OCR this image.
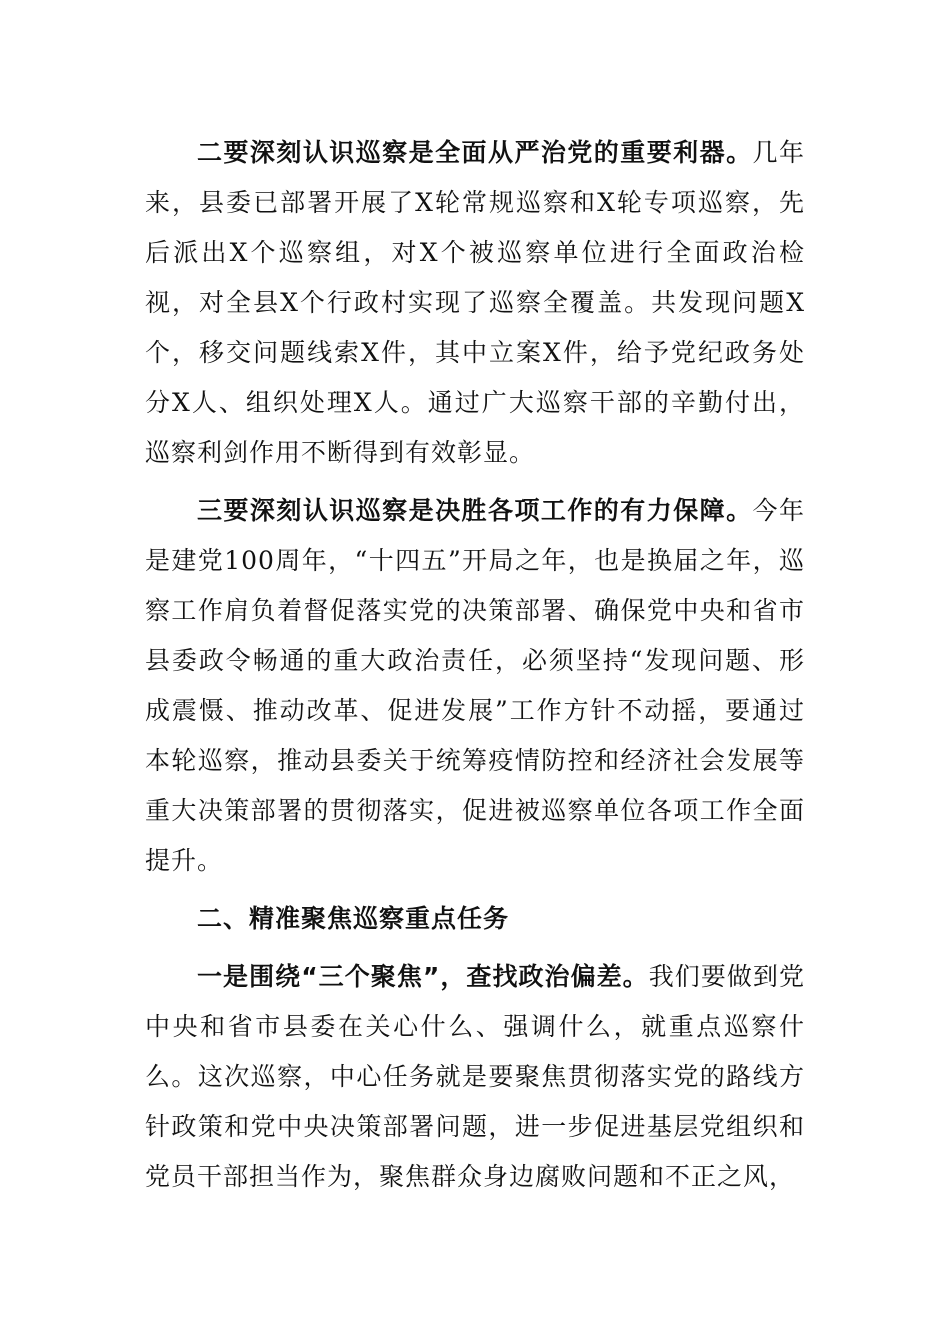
二要深刻认识巡察是全面从严治党的重要利器。几年来，县委已部署开展了X轮常规巡察和X轮专项巡察，先后派出X个巡察组，对X个被巡察单位进行全面政治检视，对全县X个行政村实现了巡察全覆盖。共发现问题X个，移交问题线索X件，其中立案X件，给予党纪政务处分X人、组织处理X人。通过广大巡察干部的辛勤付出，巡察利剑作用不断得到有效彰显。

三要深刻认识巡察是决胜各项工作的有力保障。今年是建党100周年，“十四五”开局之年，也是换届之年，巡察工作肩负着督促落实党的决策部署、确保党中央和省市县委政令畅通的重大政治责任，必须坚持“发现问题、形成震慑、推动改革、促进发展”工作方针不动摇，要通过本轮巡察，推动县委关于统筹疫情防控和经济社会发展等重大决策部署的贯彻落实，促进被巡察单位各项工作全面提升。

二、精准聚焦巡察重点任务

一是围绕“三个聚焦”，查找政治偏差。我们要做到党中央和省市县委在关心什么、强调什么，就重点巡察什么。这次巡察，中心任务就是要聚焦贯彻落实党的路线方针政策和党中央决策部署问题，进一步促进基层党组织和党员干部担当作为，聚焦群众身边腐败问题和不正之风，
